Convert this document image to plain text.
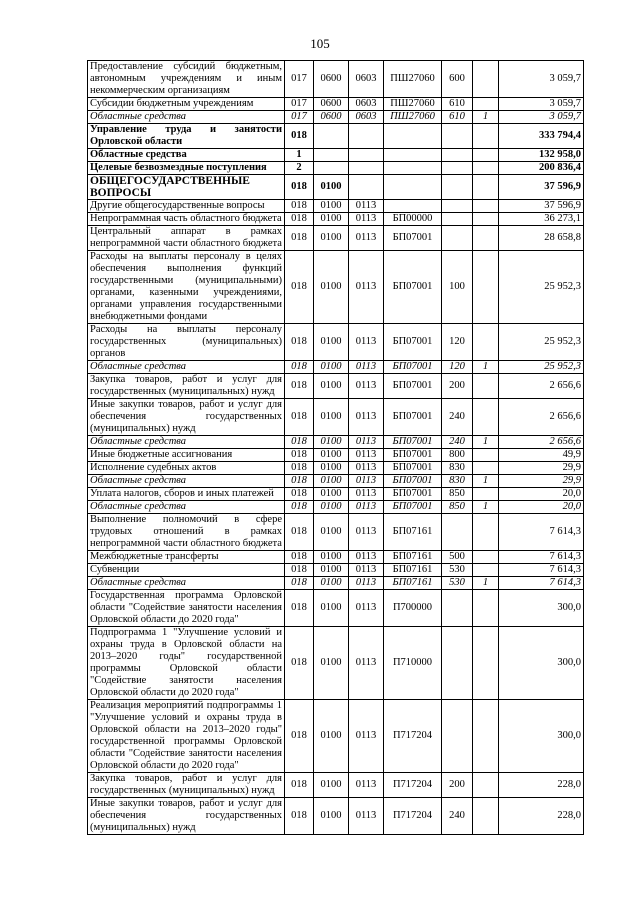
105
Предоставление субсидий бюджетным, автономным учреждениям и иным некоммерческим организациям	017	0600	0603	ПШ27060	600		3 059,7
Субсидии бюджетным учреждениям	017	0600	0603	ПШ27060	610		3 059,7
Областные средства	017	0600	0603	ПШ27060	610	1	3 059,7
Управление труда и занятости Орловской области	018						333 794,4
Областные средства	1						132 958,0
Целевые безвозмездные поступления	2						200 836,4
ОБЩЕГОСУДАРСТВЕННЫЕ ВОПРОСЫ	018	0100					37 596,9
Другие общегосударственные вопросы	018	0100	0113				37 596,9
Непрограммная часть областного бюджета	018	0100	0113	БП00000			36 273,1
Центральный аппарат в рамках непрограммной части областного бюджета	018	0100	0113	БП07001			28 658,8
Расходы на выплаты персоналу в целях обеспечения выполнения функций государственными (муниципальными) органами, казенными учреждениями, органами управления государственными внебюджетными фондами	018	0100	0113	БП07001	100		25 952,3
Расходы на выплаты персоналу государственных (муниципальных) органов	018	0100	0113	БП07001	120		25 952,3
Областные средства	018	0100	0113	БП07001	120	1	25 952,3
Закупка товаров, работ и услуг для государственных (муниципальных) нужд	018	0100	0113	БП07001	200		2 656,6
Иные закупки товаров, работ и услуг для обеспечения государственных (муниципальных) нужд	018	0100	0113	БП07001	240		2 656,6
Областные средства	018	0100	0113	БП07001	240	1	2 656,6
Иные бюджетные ассигнования	018	0100	0113	БП07001	800		49,9
Исполнение судебных актов	018	0100	0113	БП07001	830		29,9
Областные средства	018	0100	0113	БП07001	830	1	29,9
Уплата налогов, сборов и иных платежей	018	0100	0113	БП07001	850		20,0
Областные средства	018	0100	0113	БП07001	850	1	20,0
Выполнение полномочий в сфере трудовых отношений в рамках непрограммной части областного бюджета	018	0100	0113	БП07161			7 614,3
Межбюджетные трансферты	018	0100	0113	БП07161	500		7 614,3
Субвенции	018	0100	0113	БП07161	530		7 614,3
Областные средства	018	0100	0113	БП07161	530	1	7 614,3
Государственная программа Орловской области "Содействие занятости населения Орловской области до 2020 года"	018	0100	0113	П700000			300,0
Подпрограмма 1 "Улучшение условий и охраны труда в Орловской области на 2013–2020 годы" государственной программы Орловской области "Содействие занятости населения Орловской области до 2020 года"	018	0100	0113	П710000			300,0
Реализация мероприятий подпрограммы 1 "Улучшение условий и охраны труда в Орловской области на 2013–2020 годы" государственной программы Орловской области "Содействие занятости населения Орловской области до 2020 года"	018	0100	0113	П717204			300,0
Закупка товаров, работ и услуг для государственных (муниципальных) нужд	018	0100	0113	П717204	200		228,0
Иные закупки товаров, работ и услуг для обеспечения государственных (муниципальных) нужд	018	0100	0113	П717204	240		228,0
